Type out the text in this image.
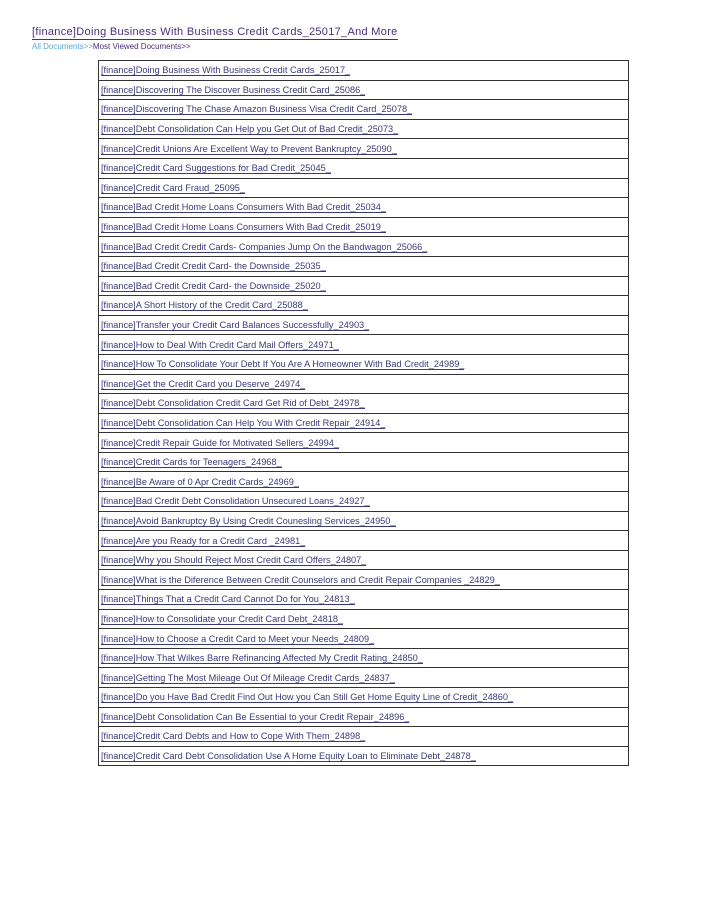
[finance]Doing Business With Business Credit Cards_25017_And More
All Documents>>Most Viewed Documents>>
[finance]Doing Business With Business Credit Cards_25017_
[finance]Discovering The Discover Business Credit Card_25086_
[finance]Discovering The Chase Amazon Business Visa Credit Card_25078_
[finance]Debt Consolidation Can Help you Get Out of Bad Credit_25073_
[finance]Credit Unions Are Excellent Way to Prevent Bankruptcy_25090_
[finance]Credit Card Suggestions for Bad Credit_25045_
[finance]Credit Card Fraud_25095_
[finance]Bad Credit Home Loans Consumers With Bad Credit_25034_
[finance]Bad Credit Home Loans Consumers With Bad Credit_25019_
[finance]Bad Credit Credit Cards- Companies Jump On the Bandwagon_25066_
[finance]Bad Credit Credit Card- the Downside_25035_
[finance]Bad Credit Credit Card- the Downside_25020_
[finance]A Short History of the Credit Card_25088_
[finance]Transfer your Credit Card Balances Successfully_24903_
[finance]How to Deal With Credit Card Mail Offers_24971_
[finance]How To Consolidate Your Debt If You Are A Homeowner With Bad Credit_24989_
[finance]Get the Credit Card you Deserve_24974_
[finance]Debt Consolidation Credit Card Get Rid of Debt_24978_
[finance]Debt Consolidation Can Help You With Credit Repair_24914_
[finance]Credit Repair Guide for Motivated Sellers_24994_
[finance]Credit Cards for Teenagers_24968_
[finance]Be Aware of 0 Apr Credit Cards_24969_
[finance]Bad Credit Debt Consolidation Unsecured Loans_24927_
[finance]Avoid Bankruptcy By Using Credit Counesling Services_24950_
[finance]Are you Ready for a Credit Card _24981_
[finance]Why you Should Reject Most Credit Card Offers_24807_
[finance]What is the Diference Between Credit Counselors and Credit Repair Companies _24829_
[finance]Things That a Credit Card Cannot Do for You_24813_
[finance]How to Consolidate your Credit Card Debt_24818_
[finance]How to Choose a Credit Card to Meet your Needs_24809_
[finance]How That Wilkes Barre Refinancing Affected My Credit Rating_24850_
[finance]Getting The Most Mileage Out Of Mileage Credit Cards_24837_
[finance]Do you Have Bad Credit Find Out How you Can Still Get Home Equity Line of Credit_24860_
[finance]Debt Consolidation Can Be Essential to your Credit Repair_24896_
[finance]Credit Card Debts and How to Cope With Them_24898_
[finance]Credit Card Debt Consolidation Use A Home Equity Loan to Eliminate Debt_24878_
